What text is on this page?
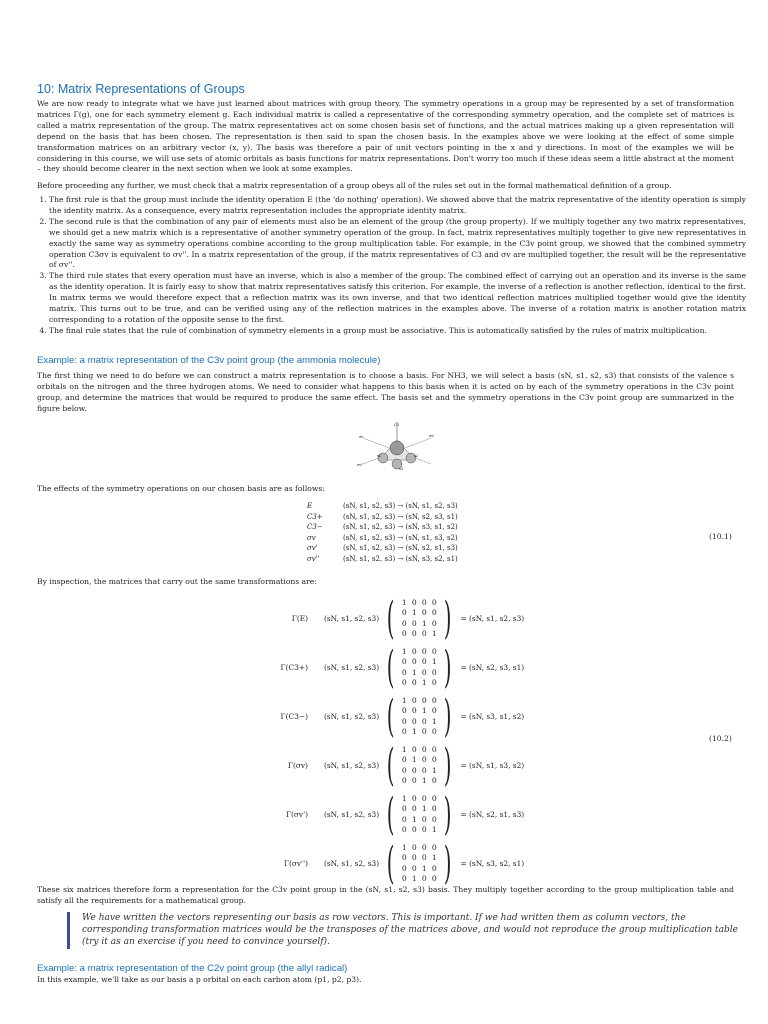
10: Matrix Representations of Groups

We are now ready to integrate what we have just learned about matrices with group theory. The symmetry operations in a group may be represented by a set of transformation matrices Γ(g), one for each symmetry element g. Each individual matrix is called a representative of the corresponding symmetry operation, and the complete set of matrices is called a matrix representation of the group. The matrix representatives act on some chosen basis set of functions, and the actual matrices making up a given representation will depend on the basis that has been chosen. The representation is then said to span the chosen basis. In the examples above we were looking at the effect of some simple transformation matrices on an arbitrary vector (x, y). The basis was therefore a pair of unit vectors pointing in the x and y directions. In most of the examples we will be considering in this course, we will use sets of atomic orbitals as basis functions for matrix representations. Don't worry too much if these ideas seem a little abstract at the moment – they should become clearer in the next section when we look at some examples.

Before proceeding any further, we must check that a matrix representation of a group obeys all of the rules set out in the formal mathematical definition of a group.

1. The first rule is that the group must include the identity operation E (the 'do nothing' operation). We showed above that the matrix representative of the identity operation is simply the identity matrix. As a consequence, every matrix representation includes the appropriate identity matrix.
2. The second rule is that the combination of any pair of elements must also be an element of the group (the group property). If we multiply together any two matrix representatives, we should get a new matrix which is a representative of another symmetry operation of the group. In fact, matrix representatives multiply together to give new representatives in exactly the same way as symmetry operations combine according to the group multiplication table. For example, in the C3v point group, we showed that the combined symmetry operation C3σv is equivalent to σv''. In a matrix representation of the group, if the matrix representatives of C3 and σv are multiplied together, the result will be the representative of σv''.
3. The third rule states that every operation must have an inverse, which is also a member of the group. The combined effect of carrying out an operation and its inverse is the same as the identity operation. It is fairly easy to show that matrix representatives satisfy this criterion. For example, the inverse of a reflection is another reflection, identical to the first. In matrix terms we would therefore expect that a reflection matrix was its own inverse, and that two identical reflection matrices multiplied together would give the identity matrix. This turns out to be true, and can be verified using any of the reflection matrices in the examples above. The inverse of a rotation matrix is another rotation matrix corresponding to a rotation of the opposite sense to the first.
4. The final rule states that the rule of combination of symmetry elements in a group must be associative. This is automatically satisfied by the rules of matrix multiplication.
Example: a matrix representation of the C3v point group (the ammonia molecule)

The first thing we need to do before we can construct a matrix representation is to choose a basis. For NH3, we will select a basis (sN, s1, s2, s3) that consists of the valence s orbitals on the nitrogen and the three hydrogen atoms. We need to consider what happens to this basis when it is acted on by each of the symmetry operations in the C3v point group, and determine the matrices that would be required to produce the same effect. The basis set and the symmetry operations in the C3v point group are summarized in the figure below.

C3
s1	s2
s3
σv	σv'
σv''

The effects of the symmetry operations on our chosen basis are as follows:

E	(sN, s1, s2, s3) → (sN, s1, s2, s3)
C3+	(sN, s1, s2, s3) → (sN, s2, s3, s1)
C3−	(sN, s1, s2, s3) → (sN, s3, s1, s2)
σv	(sN, s1, s2, s3) → (sN, s1, s3, s2)
σv'	(sN, s1, s2, s3) → (sN, s2, s1, s3)
σv''	(sN, s1, s2, s3) → (sN, s3, s2, s1)
(10.1)

By inspection, the matrices that carry out the same transformations are:

Γ(E) (sN, s1, s2, s3) ( 1 0 0 0
0 1 0 0
0 0 1 0
0 0 0 1 ) = (sN, s1, s2, s3)
Γ(C3+) (sN, s1, s2, s3) ( 1 0 0 0
0 0 0 1
0 1 0 0
0 0 1 0 ) = (sN, s2, s3, s1)
Γ(C3−) (sN, s1, s2, s3) ( 1 0 0 0
0 0 1 0
0 0 0 1
0 1 0 0 ) = (sN, s3, s1, s2)
Γ(σv) (sN, s1, s2, s3) ( 1 0 0 0
0 1 0 0
0 0 0 1
0 0 1 0 ) = (sN, s1, s3, s2)
Γ(σv') (sN, s1, s2, s3) ( 1 0 0 0
0 0 1 0
0 1 0 0
0 0 0 1 ) = (sN, s2, s1, s3)
Γ(σv'') (sN, s1, s2, s3) ( 1 0 0 0
0 0 0 1
0 0 1 0
0 1 0 0 ) = (sN, s3, s2, s1)
(10.2)

These six matrices therefore form a representation for the C3v point group in the (sN, s1, s2, s3) basis. They multiply together according to the group multiplication table and satisfy all the requirements for a mathematical group.

We have written the vectors representing our basis as row vectors. This is important. If we had written them as column vectors, the corresponding transformation matrices would be the transposes of the matrices above, and would not reproduce the group multiplication table (try it as an exercise if you need to convince yourself).
Example: a matrix representation of the C2v point group (the allyl radical)

In this example, we'll take as our basis a p orbital on each carbon atom (p1, p2, p3).
